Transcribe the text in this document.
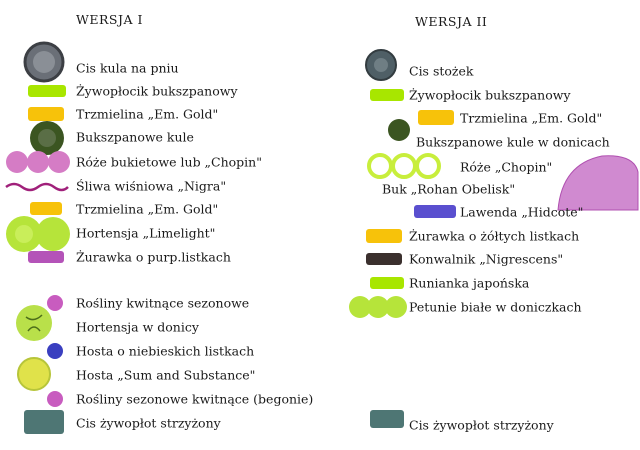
WERSJA I
Cis kula na pniu
Żywopłocik bukszpanowy
Trzmielina „Em. Gold"
Bukszpanowe kule
Róże bukietowe lub „Chopin"
Śliwa wiśniowa „Nigra"
Trzmielina „Em. Gold"
Hortensja „Limelight"
Żurawka o purp.listkach
Rośliny kwitnące sezonowe
Hortensja w donicy
Hosta o niebieskich listkach
Hosta „Sum and Substance"
Rośliny sezonowe kwitnące (begonie)
Cis żywopłot strzyżony
WERSJA II
Cis stożek
Żywopłocik bukszpanowy
Trzmielina „Em. Gold"
Bukszpanowe kule w donicach
Róże „Chopin"
Buk „Rohan Obelisk"
Lawenda „Hidcote"
Żurawka o żółtych listkach
Konwalnik „Nigrescens"
Runianka japońska
Petunie białe w doniczkach
Cis żywopłot strzyżony
